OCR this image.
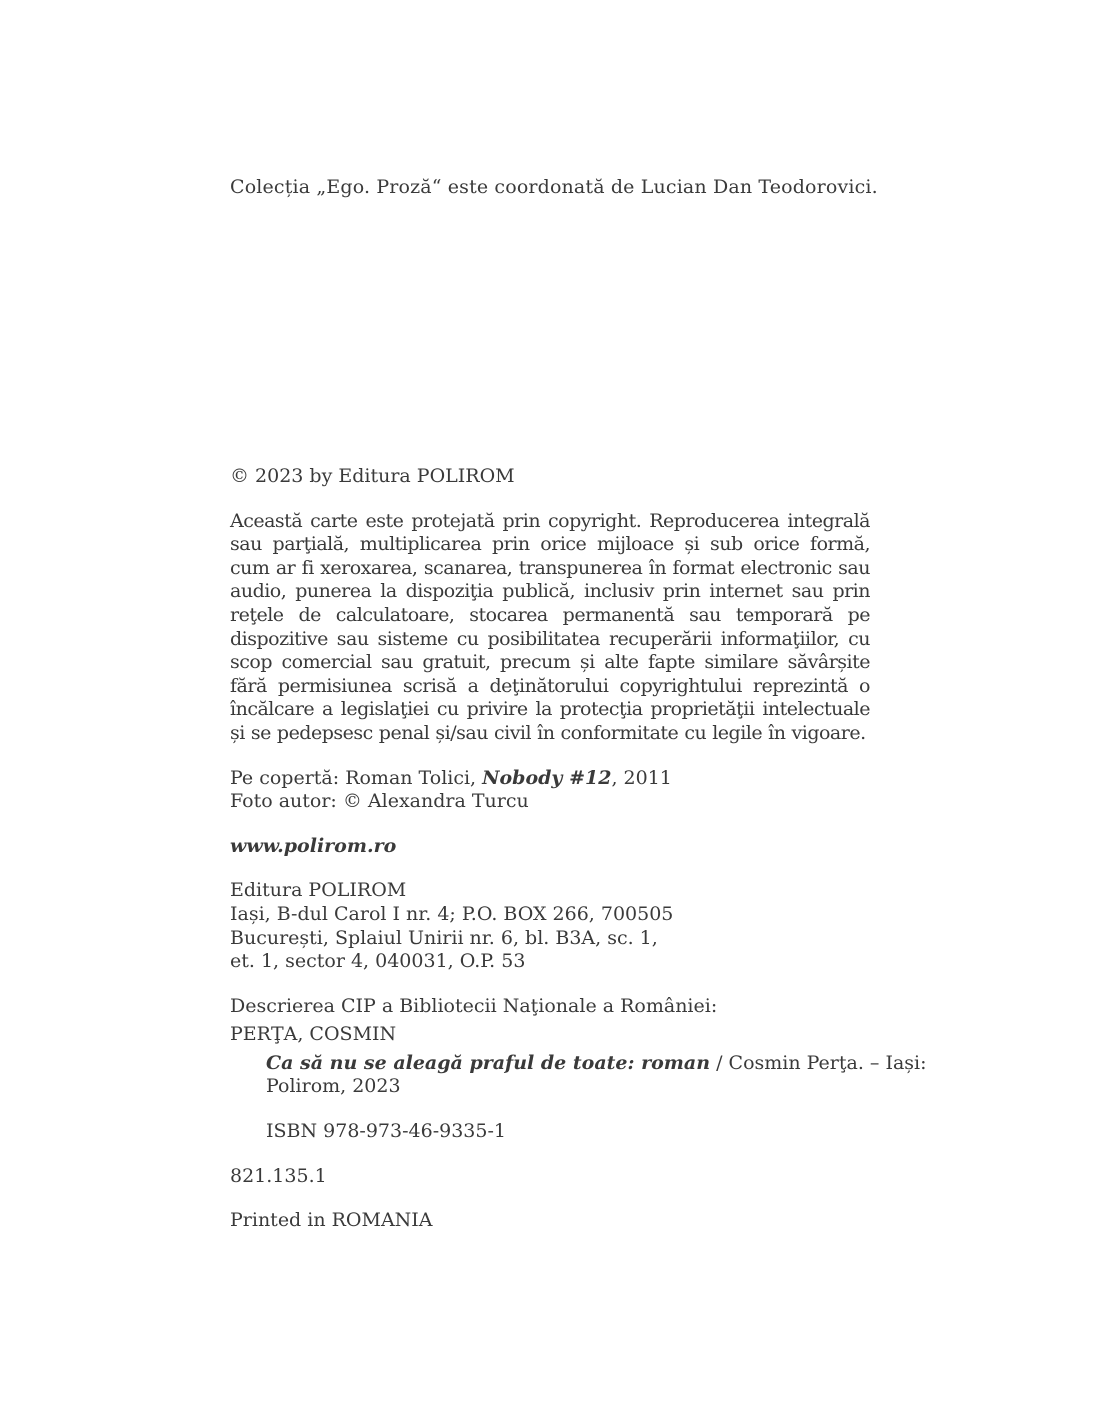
Colecția „Ego. Proză“ este coordonată de Lucian Dan Teodorovici.

© 2023 by Editura POLIROM

Această carte este protejată prin copyright. Reproducerea integrală sau parţială, multiplicarea prin orice mijloace și sub orice formă, cum ar fi xeroxarea, scanarea, transpunerea în format electronic sau audio, punerea la dispoziţia publică, inclusiv prin internet sau prin reţele de calculatoare, stocarea permanentă sau temporară pe dispozitive sau sisteme cu posibilitatea recuperării informaţiilor, cu scop comercial sau gratuit, precum și alte fapte similare săvârșite fără permisiunea scrisă a deţinătorului copyrightului reprezintă o încălcare a legislaţiei cu privire la protecţia proprietăţii intelectuale și se pedepsesc penal și/sau civil în conformitate cu legile în vigoare.

Pe copertă: Roman Tolici, Nobody #12, 2011
Foto autor: © Alexandra Turcu
www.polirom.ro
Editura POLIROM
Iași, B-dul Carol I nr. 4; P.O. BOX 266, 700505
București, Splaiul Unirii nr. 6, bl. B3A, sc. 1,
et. 1, sector 4, 040031, O.P. 53
Descrierea CIP a Bibliotecii Naţionale a României:
PERŢA, COSMIN
Ca să nu se aleagă praful de toate: roman / Cosmin Perţa. – Iași:
Polirom, 2023
ISBN 978-973-46-9335-1
821.135.1
Printed in ROMANIA
